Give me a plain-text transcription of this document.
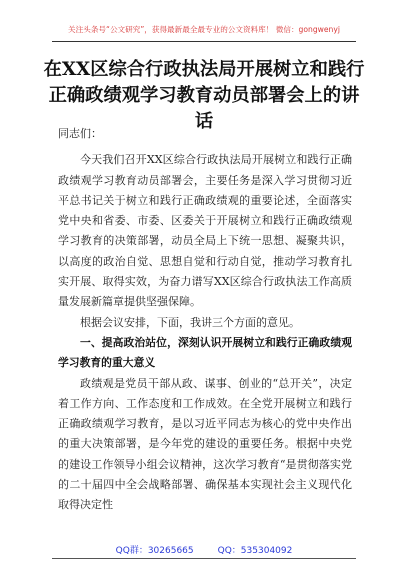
关注头条号“公文研究”，获得最新最全最专业的公文资料库！ 微信：gongwenyj
在XX区综合行政执法局开展树立和践行
正确政绩观学习教育动员部署会上的讲话

同志们：

今天我们召开XX区综合行政执法局开展树立和践行正确政绩观学习教育动员部署会，主要任务是深入学习贯彻习近平总书记关于树立和践行正确政绩观的重要论述，全面落实党中央和省委、市委、区委关于开展树立和践行正确政绩观学习教育的决策部署，动员全局上下统一思想、凝聚共识，以高度的政治自觉、思想自觉和行动自觉，推动学习教育扎实开展、取得实效，为奋力谱写XX区综合行政执法工作高质量发展新篇章提供坚强保障。

根据会议安排，下面，我讲三个方面的意见。

一、提高政治站位，深刻认识开展树立和践行正确政绩观学习教育的重大意义

政绩观是党员干部从政、谋事、创业的“总开关”，决定着工作方向、工作态度和工作成效。在全党开展树立和践行正确政绩观学习教育，是以习近平同志为核心的党中央作出的重大决策部署，是今年党的建设的重要任务。根据中央党的建设工作领导小组会议精神，这次学习教育“是贯彻落实党的二十届四中全会战略部署、确保基本实现社会主义现代化取得决定性

QQ群：30265665	QQ：535304092
